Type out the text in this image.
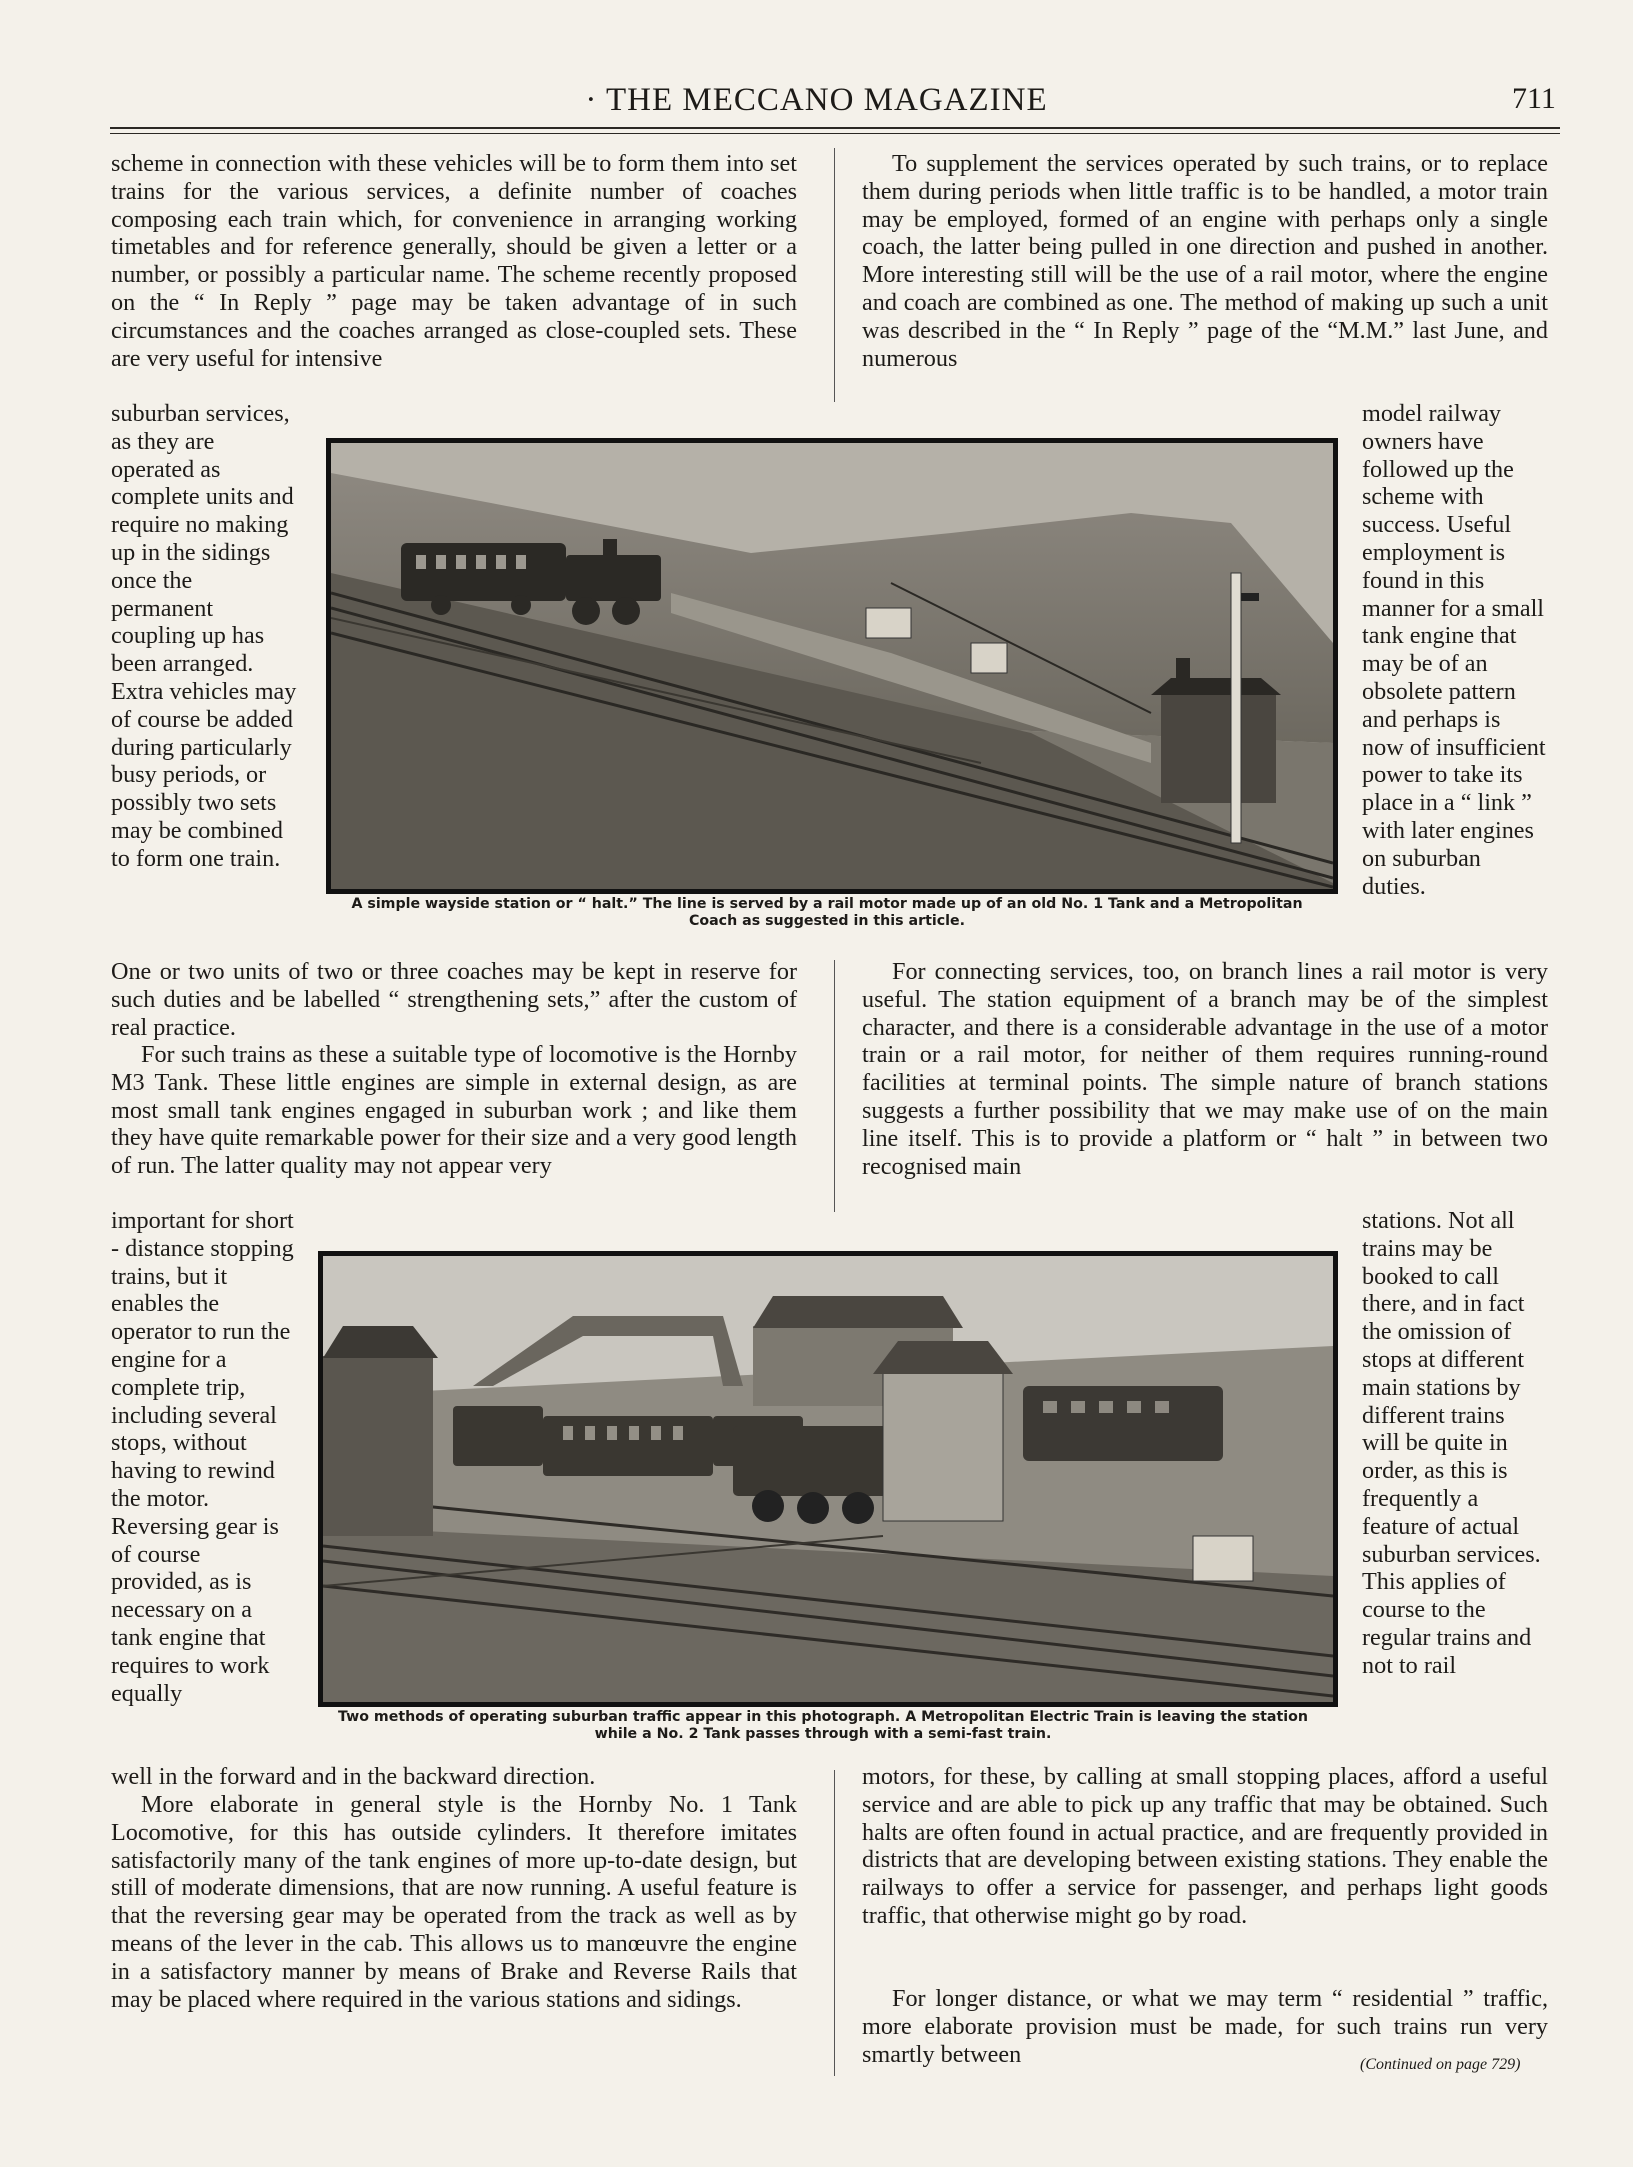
· THE MECCANO MAGAZINE	711

scheme in connection with these vehicles will be to form them into set trains for the various services, a definite number of coaches composing each train which, for convenience in arranging working timetables and for reference generally, should be given a letter or a number, or possibly a particular name. The scheme recently proposed on the “ In Reply ” page may be taken advantage of in such circumstances and the coaches arranged as close-coupled sets. These are very useful for intensive

suburban services, as they are operated as complete units and require no making up in the sidings once the permanent coupling up has been arranged. Extra vehicles may of course be added during particularly busy periods, or possibly two sets may be combined to form one train.

One or two units of two or three coaches may be kept in reserve for such duties and be labelled “ strengthening sets,” after the custom of real practice.

For such trains as these a suitable type of locomotive is the Hornby M3 Tank. These little engines are simple in external design, as are most small tank engines engaged in suburban work ; and like them they have quite remarkable power for their size and a very good length of run. The latter quality may not appear very

important for short - distance stopping trains, but it enables the operator to run the engine for a complete trip, including several stops, without having to rewind the motor. Reversing gear is of course provided, as is necessary on a tank engine that requires to work equally

well in the forward and in the backward direction.

More elaborate in general style is the Hornby No. 1 Tank Locomotive, for this has outside cylinders. It therefore imitates satisfactorily many of the tank engines of more up-to-date design, but still of moderate dimensions, that are now running. A useful feature is that the reversing gear may be operated from the track as well as by means of the lever in the cab. This allows us to manœuvre the engine in a satisfactory manner by means of Brake and Reverse Rails that may be placed where required in the various stations and sidings.

To supplement the services operated by such trains, or to replace them during periods when little traffic is to be handled, a motor train may be employed, formed of an engine with perhaps only a single coach, the latter being pulled in one direction and pushed in another. More interesting still will be the use of a rail motor, where the engine and coach are combined as one. The method of making up such a unit was described in the “ In Reply ” page of the “M.M.” last June, and numerous

model railway owners have followed up the scheme with success. Useful employment is found in this manner for a small tank engine that may be of an obsolete pattern and perhaps is now of insufficient power to take its place in a “ link ” with later engines on suburban duties.

For connecting services, too, on branch lines a rail motor is very useful. The station equipment of a branch may be of the simplest character, and there is a considerable advantage in the use of a motor train or a rail motor, for neither of them requires running-round facilities at terminal points. The simple nature of branch stations suggests a further possibility that we may make use of on the main line itself. This is to provide a platform or “ halt ” in between two recognised main

stations. Not all trains may be booked to call there, and in fact the omission of stops at different main stations by different trains will be quite in order, as this is frequently a feature of actual suburban services. This applies of course to the regular trains and not to rail

motors, for these, by calling at small stopping places, afford a useful service and are able to pick up any traffic that may be obtained. Such halts are often found in actual practice, and are frequently provided in districts that are developing between existing stations. They enable the railways to offer a service for passenger, and perhaps light goods traffic, that otherwise might go by road.

For longer distance, or what we may term “ residential ” traffic, more elaborate provision must be made, for such trains run very smartly between	(Continued on page 729)
A simple wayside station or “ halt.” The line is served by a rail motor made up of an old No. 1 Tank and a Metropolitan Coach as suggested in this article.
Two methods of operating suburban traffic appear in this photograph. A Metropolitan Electric Train is leaving the station while a No. 2 Tank passes through with a semi-fast train.
